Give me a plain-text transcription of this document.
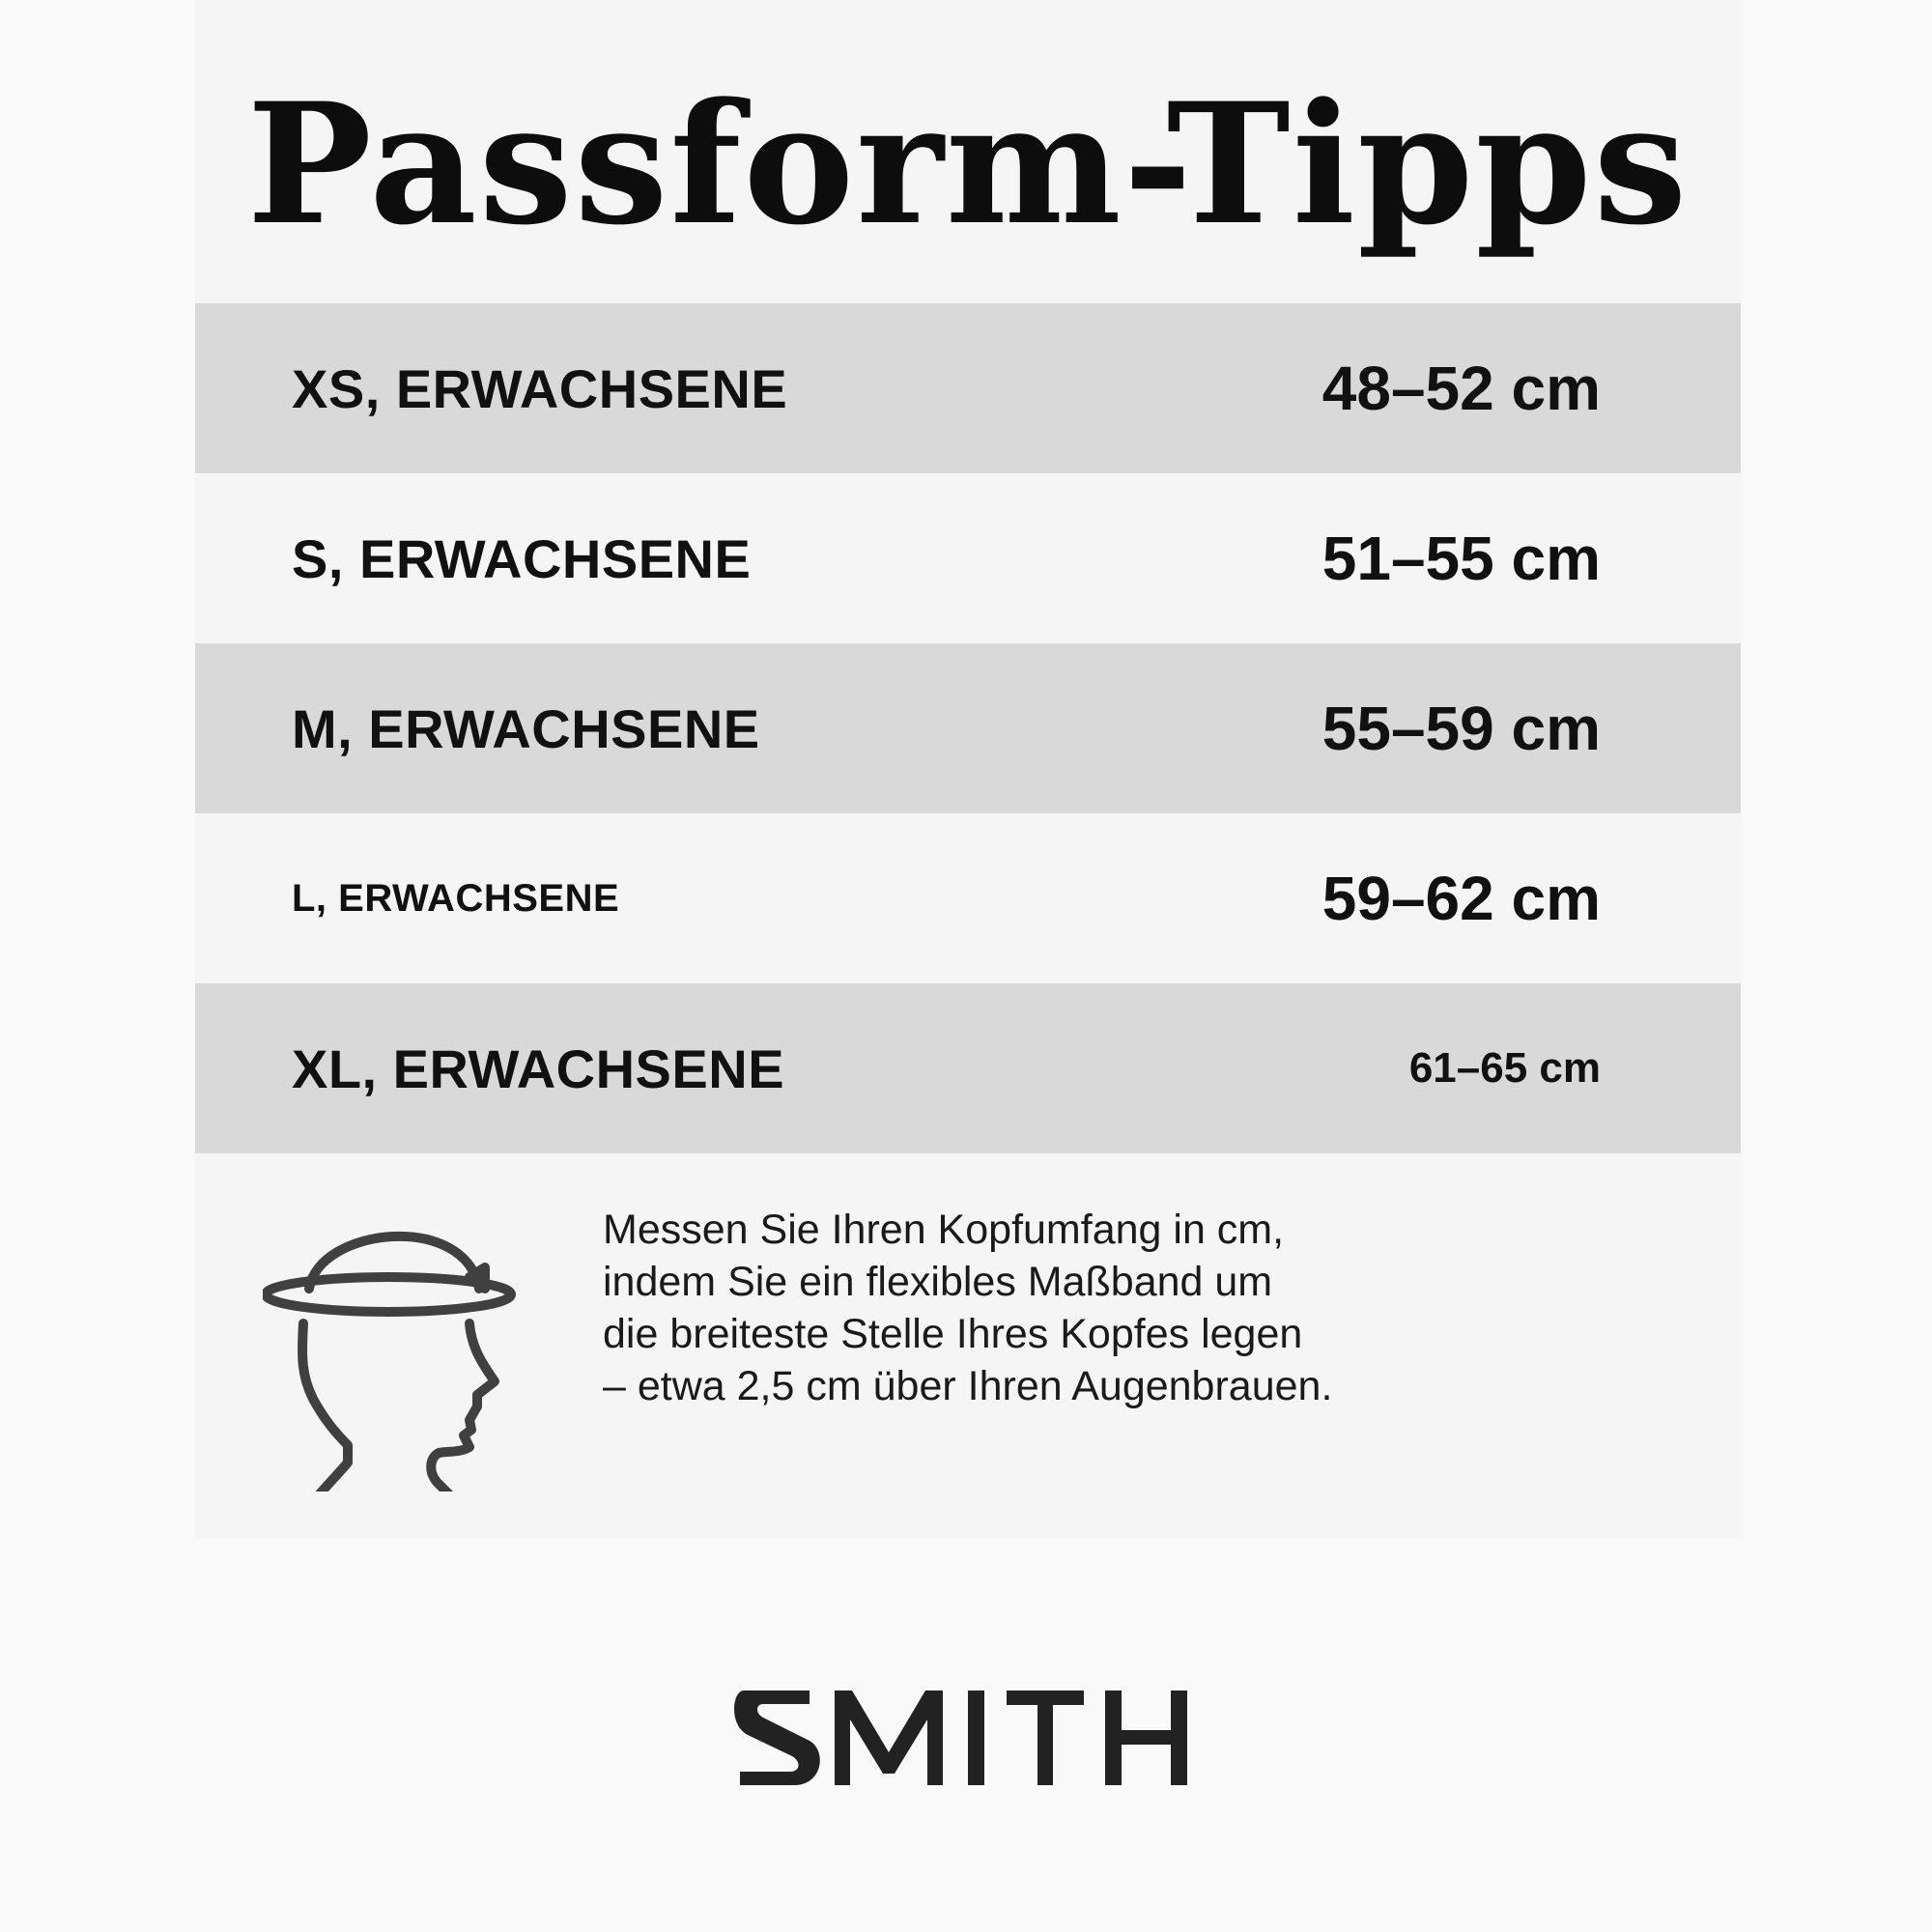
Passform-Tipps
XS, ERWACHSENE	48–52 cm
S, ERWACHSENE	51–55 cm
M, ERWACHSENE	55–59 cm
L, ERWACHSENE	59–62 cm
XL, ERWACHSENE	61–65 cm
Messen Sie Ihren Kopfumfang in cm,
indem Sie ein flexibles Maßband um
die breiteste Stelle Ihres Kopfes legen
– etwa 2,5 cm über Ihren Augenbrauen.
